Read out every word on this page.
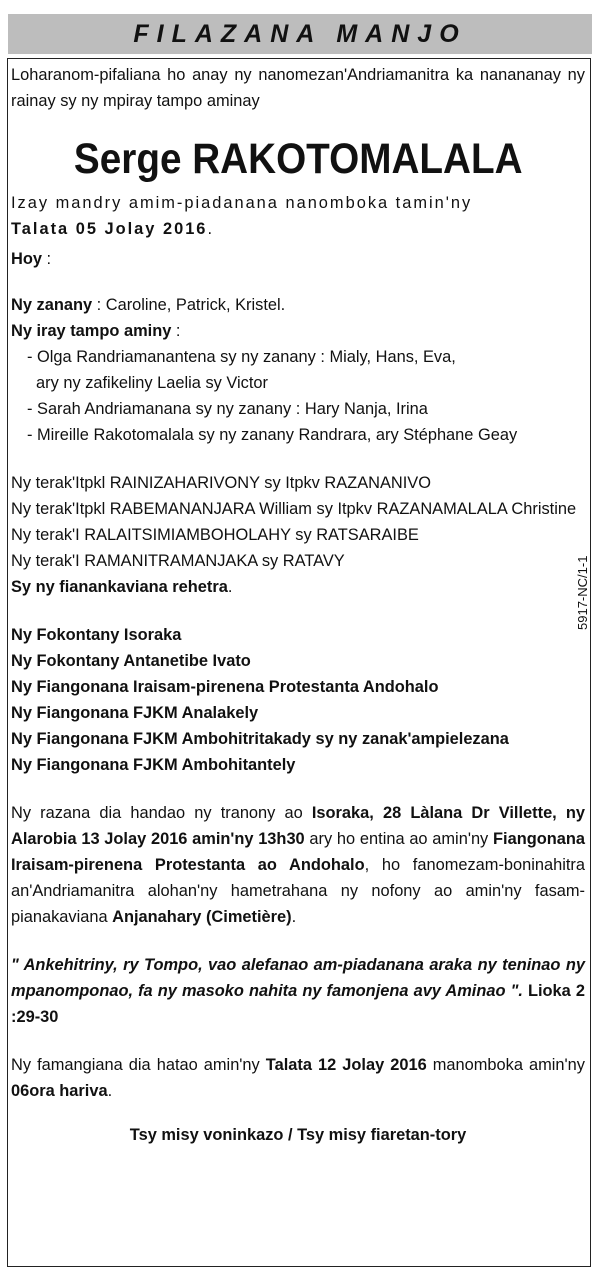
FILAZANA MANJO
5917-NC/1-1

Loharanom-pifaliana ho anay ny nanomezan'Andriamanitra ka nanananay ny rainay sy ny mpiray tampo aminay

Serge RAKOTOMALALA

Izay mandry amim-piadanana nanomboka tamin'ny
Talata 05 Jolay 2016.

Hoy :

Ny zanany : Caroline, Patrick, Kristel.

Ny iray tampo aminy :

- Olga Randriamanantena sy ny zanany : Mialy, Hans, Eva,

ary ny zafikeliny Laelia sy Victor

- Sarah Andriamanana sy ny zanany : Hary Nanja, Irina

- Mireille Rakotomalala sy ny zanany Randrara, ary Stéphane Geay

Ny terak'Itpkl RAINIZAHARIVONY sy Itpkv RAZANANIVO

Ny terak'Itpkl RABEMANANJARA William sy Itpkv RAZANAMALALA Christine

Ny terak'I RALAITSIMIAMBOHOLAHY sy RATSARAIBE

Ny terak'I RAMANITRAMANJAKA sy RATAVY

Sy ny fianankaviana rehetra.

Ny Fokontany Isoraka

Ny Fokontany Antanetibe Ivato

Ny Fiangonana Iraisam-pirenena Protestanta Andohalo

Ny Fiangonana FJKM Analakely

Ny Fiangonana FJKM Ambohitritakady sy ny zanak'ampielezana

Ny Fiangonana FJKM Ambohitantely

Ny razana dia handao ny tranony ao Isoraka, 28 Làlana Dr Villette, ny Alarobia 13 Jolay 2016 amin'ny 13h30 ary ho entina ao amin'ny Fiangonana Iraisam-pirenena Protestanta ao Andohalo, ho fanomezam-boninahitra an'Andriamanitra alohan'ny hametrahana ny nofony ao amin'ny fasam-pianakaviana Anjanahary (Cimetière).

" Ankehitriny, ry Tompo, vao alefanao am-piadanana araka ny teninao ny mpanomponao, fa ny masoko nahita ny famonjena avy Aminao ". Lioka 2 :29-30

Ny famangiana dia hatao amin'ny Talata 12 Jolay 2016 manomboka amin'ny 06ora hariva.

Tsy misy voninkazo / Tsy misy fiaretan-tory
